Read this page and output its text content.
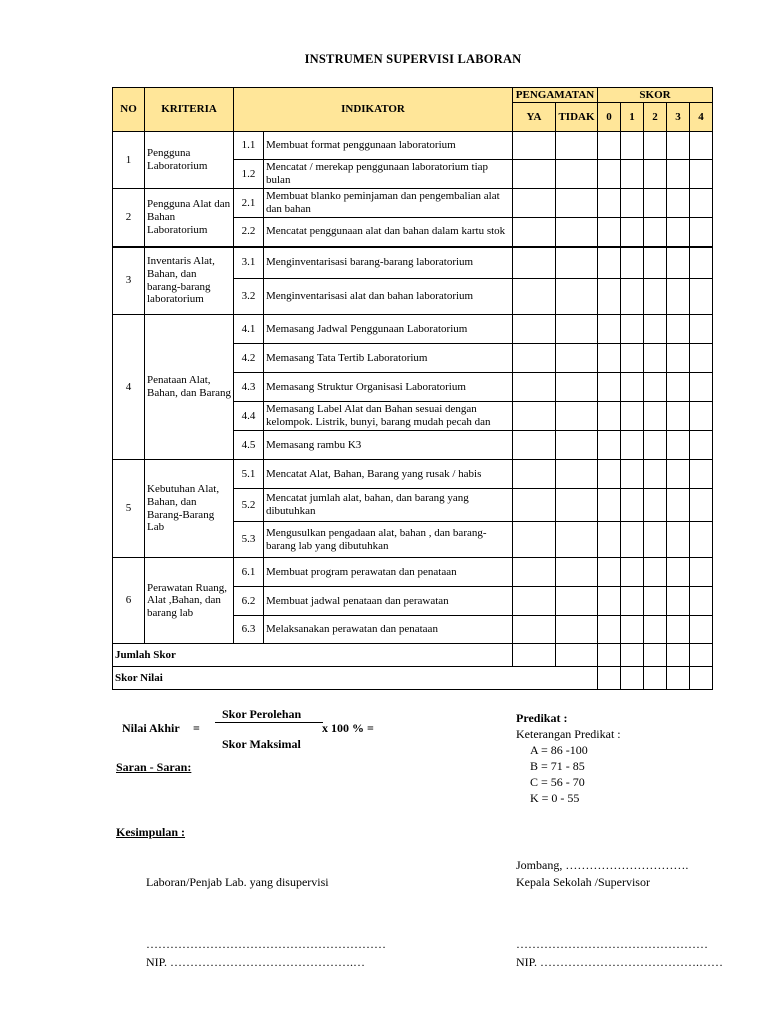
INSTRUMEN SUPERVISI LABORAN
NO	KRITERIA	INDIKATOR		PENGAMATAN		SKOR				
				YA	TIDAK	0	1	2	3	4
1	Pengguna Laboratorium	1.1	Membuat format penggunaan laboratorium							
		1.2	Mencatat / merekap penggunaan laboratorium tiap bulan							
2	Pengguna Alat dan Bahan Laboratorium	2.1	Membuat blanko peminjaman dan pengembalian alat dan bahan							
		2.2	Mencatat penggunaan alat dan bahan dalam kartu stok							
3	Inventaris Alat, Bahan, dan barang-barang laboratorium	3.1	Menginventarisasi barang-barang laboratorium							
		3.2	Menginventarisasi alat dan bahan laboratorium							
4	Penataan Alat, Bahan, dan Barang	4.1	Memasang Jadwal Penggunaan Laboratorium							
		4.2	Memasang Tata Tertib Laboratorium							
		4.3	Memasang Struktur Organisasi Laboratorium							
		4.4	Memasang Label Alat dan Bahan sesuai dengan kelompok. Listrik, bunyi, barang mudah pecah dan							
		4.5	Memasang rambu K3							
5	Kebutuhan Alat, Bahan, dan Barang-Barang Lab	5.1	Mencatat Alat, Bahan, Barang yang rusak / habis							
		5.2	Mencatat jumlah alat, bahan, dan barang yang dibutuhkan							
		5.3	Mengusulkan pengadaan alat, bahan , dan barang-barang lab yang dibutuhkan							
6	Perawatan Ruang, Alat ,Bahan, dan barang lab	6.1	Membuat program perawatan dan penataan							
		6.2	Membuat jadwal penataan dan perawatan							
		6.3	Melaksanakan perawatan dan penataan							
Jumlah Skor										
Skor Nilai										
Nilai Akhir =
Skor Perolehan
Skor Maksimal
x 100 % =
Saran - Saran:
Kesimpulan :
Predikat :
Keterangan Predikat :
A = 86 -100
B = 71 - 85
C = 56 - 70
K = 0 - 55
Jombang, ………………………….
Laboran/Penjab Lab. yang disupervisi	Kepala Sekolah /Supervisor
……………………………………………………	…………………………………………
NIP. ……………………………………….…	NIP. ………………………………….……
